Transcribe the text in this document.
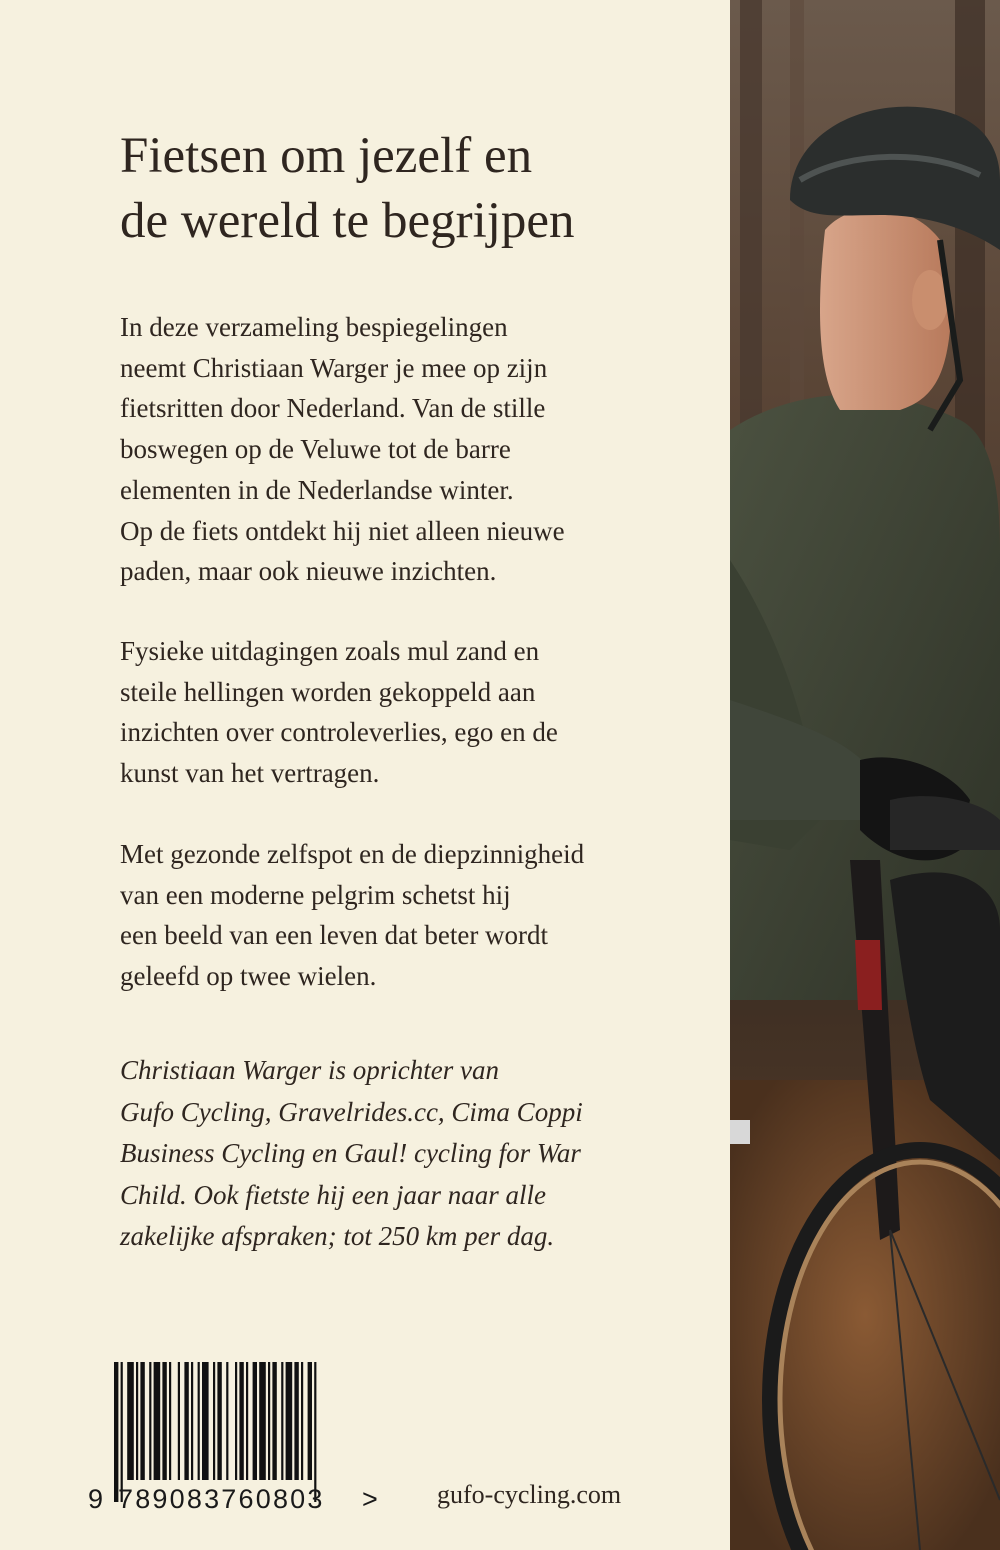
Fietsen om jezelf en
de wereld te begrijpen

In deze verzameling bespiegelingen
neemt Christiaan Warger je mee op zijn
fietsritten door Nederland. Van de stille
boswegen op de Veluwe tot de barre
elementen in de Nederlandse winter.
Op de fiets ontdekt hij niet alleen nieuwe
paden, maar ook nieuwe inzichten.

Fysieke uitdagingen zoals mul zand en
steile hellingen worden gekoppeld aan
inzichten over controleverlies, ego en de
kunst van het vertragen.

Met gezonde zelfspot en de diepzinnigheid
van een moderne pelgrim schetst hij
een beeld van een leven dat beter wordt
geleefd op twee wielen.

Christiaan Warger is oprichter van
Gufo Cycling, Gravelrides.cc, Cima Coppi
Business Cycling en Gaul! cycling for War
Child. Ook fietste hij een jaar naar alle
zakelijke afspraken; tot 250 km per dag.

9 789083760803 > gufo-cycling.com
